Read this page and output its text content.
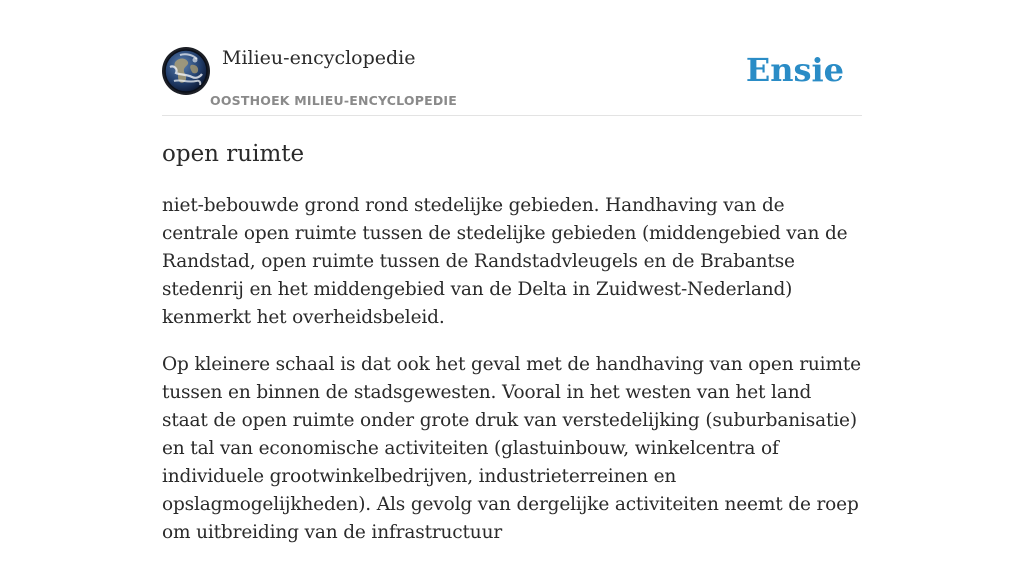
Milieu-encyclopedie
OOSTHOEK MILIEU-ENCYCLOPEDIE
Ensie
open ruimte

niet-bebouwde grond rond stedelijke gebieden. Handhaving van de centrale open ruimte tussen de stedelijke gebieden (middengebied van de Randstad, open ruimte tussen de Randstadvleugels en de Brabantse stedenrij en het middengebied van de Delta in Zuidwest-Nederland) kenmerkt het overheidsbeleid.

Op kleinere schaal is dat ook het geval met de handhaving van open ruimte tussen en binnen de stadsgewesten. Vooral in het westen van het land staat de open ruimte onder grote druk van verstedelijking (suburbanisatie) en tal van economische activiteiten (glastuinbouw, winkelcentra of individuele grootwinkelbedrijven, industrieterreinen en opslagmogelijkheden). Als gevolg van dergelijke activiteiten neemt de roep om uitbreiding van de infrastructuur
